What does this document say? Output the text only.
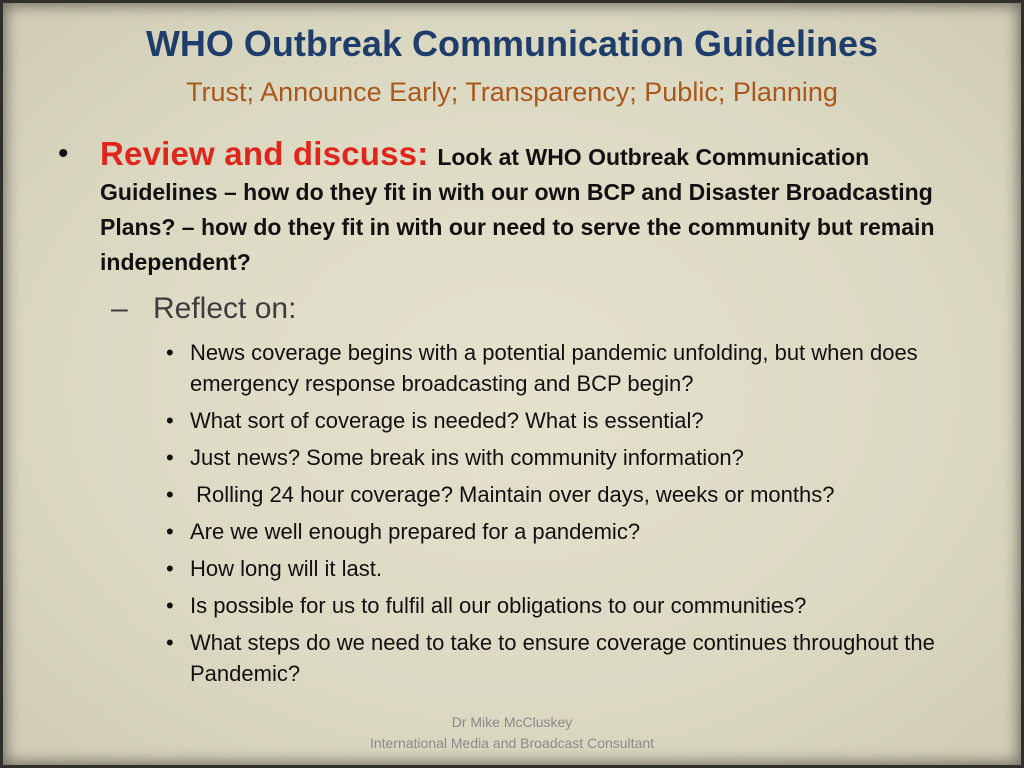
WHO Outbreak Communication Guidelines
Trust; Announce Early; Transparency; Public; Planning
• Review and discuss: Look at WHO Outbreak Communication Guidelines – how do they fit in with our own BCP and Disaster Broadcasting Plans? – how do they fit in with our need to serve the community but remain independent?
– Reflect on:
• News coverage begins with a potential pandemic unfolding, but when does emergency response broadcasting and BCP begin?
• What sort of coverage is needed? What is essential?
• Just news? Some break ins with community information?
• Rolling 24 hour coverage? Maintain over days, weeks or months?
• Are we well enough prepared for a pandemic?
• How long will it last.
• Is possible for us to fulfil all our obligations to our communities?
• What steps do we need to take to ensure coverage continues throughout the Pandemic?
Dr Mike McCluskey
International Media and Broadcast Consultant
